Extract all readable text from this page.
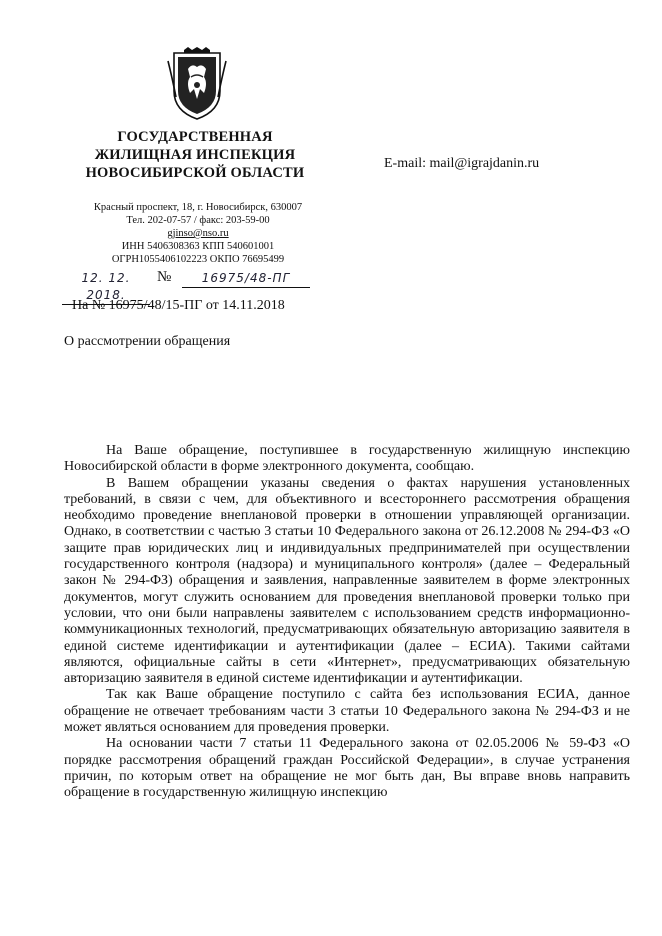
ГОСУДАРСТВЕННАЯ
ЖИЛИЩНАЯ ИНСПЕКЦИЯ
НОВОСИБИРСКОЙ ОБЛАСТИ
E-mail: mail@igrajdanin.ru
Красный проспект, 18, г. Новосибирск, 630007
Тел. 202-07-57 / факс: 203-59-00
gjinso@nso.ru
ИНН 5406308363 КПП 540601001
ОГРН1055406102223 ОКПО 76695499
12. 12. 2018.
№	16975/48-ПГ
На № 16975/48/15-ПГ от 14.11.2018
О рассмотрении обращения

На Ваше обращение, поступившее в государственную жилищную инспекцию Новосибирской области в форме электронного документа, сообщаю.

В Вашем обращении указаны сведения о фактах нарушения установленных требований, в связи с чем, для объективного и всестороннего рассмотрения обращения необходимо проведение внеплановой проверки в отношении управляющей организации. Однако, в соответствии с частью 3 статьи 10 Федерального закона от 26.12.2008 № 294-ФЗ «О защите прав юридических лиц и индивидуальных предпринимателей при осуществлении государственного контроля (надзора) и муниципального контроля» (далее – Федеральный закон № 294-ФЗ) обращения и заявления, направленные заявителем в форме электронных документов, могут служить основанием для проведения внеплановой проверки только при условии, что они были направлены заявителем с использованием средств информационно-коммуникационных технологий, предусматривающих обязательную авторизацию заявителя в единой системе идентификации и аутентификации (далее – ЕСИА). Такими сайтами являются, официальные сайты в сети «Интернет», предусматривающих обязательную авторизацию заявителя в единой системе идентификации и аутентификации.

Так как Ваше обращение поступило с сайта без использования ЕСИА, данное обращение не отвечает требованиям части 3 статьи 10 Федерального закона № 294-ФЗ и не может являться основанием для проведения проверки.

На основании части 7 статьи 11 Федерального закона от 02.05.2006 № 59-ФЗ «О порядке рассмотрения обращений граждан Российской Федерации», в случае устранения причин, по которым ответ на обращение не мог быть дан, Вы вправе вновь направить обращение в государственную жилищную инспекцию
